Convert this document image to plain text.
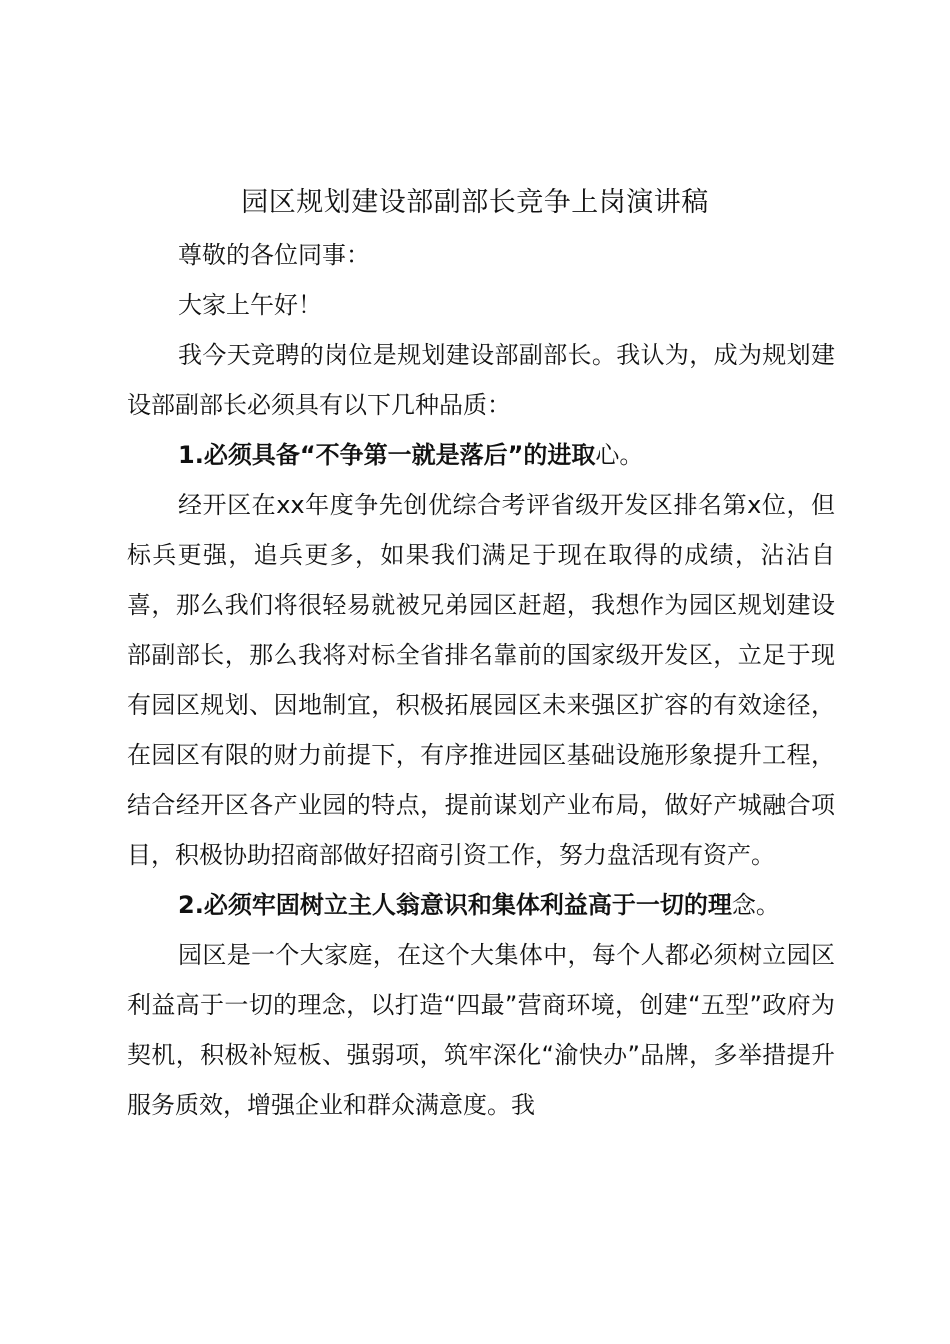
园区规划建设部副部长竞争上岗演讲稿

尊敬的各位同事：

大家上午好！

我今天竞聘的岗位是规划建设部副部长。我认为，成为规划建设部副部长必须具有以下几种品质：

1.必须具备“不争第一就是落后”的进取心。

经开区在xx年度争先创优综合考评省级开发区排名第x位，但标兵更强，追兵更多，如果我们满足于现在取得的成绩，沾沾自喜，那么我们将很轻易就被兄弟园区赶超，我想作为园区规划建设部副部长，那么我将对标全省排名靠前的国家级开发区，立足于现有园区规划、因地制宜，积极拓展园区未来强区扩容的有效途径，在园区有限的财力前提下，有序推进园区基础设施形象提升工程，结合经开区各产业园的特点，提前谋划产业布局，做好产城融合项目，积极协助招商部做好招商引资工作，努力盘活现有资产。

2.必须牢固树立主人翁意识和集体利益高于一切的理念。

园区是一个大家庭，在这个大集体中，每个人都必须树立园区利益高于一切的理念，以打造“四最”营商环境，创建“五型”政府为契机，积极补短板、强弱项，筑牢深化“渝快办”品牌，多举措提升服务质效，增强企业和群众满意度。我
